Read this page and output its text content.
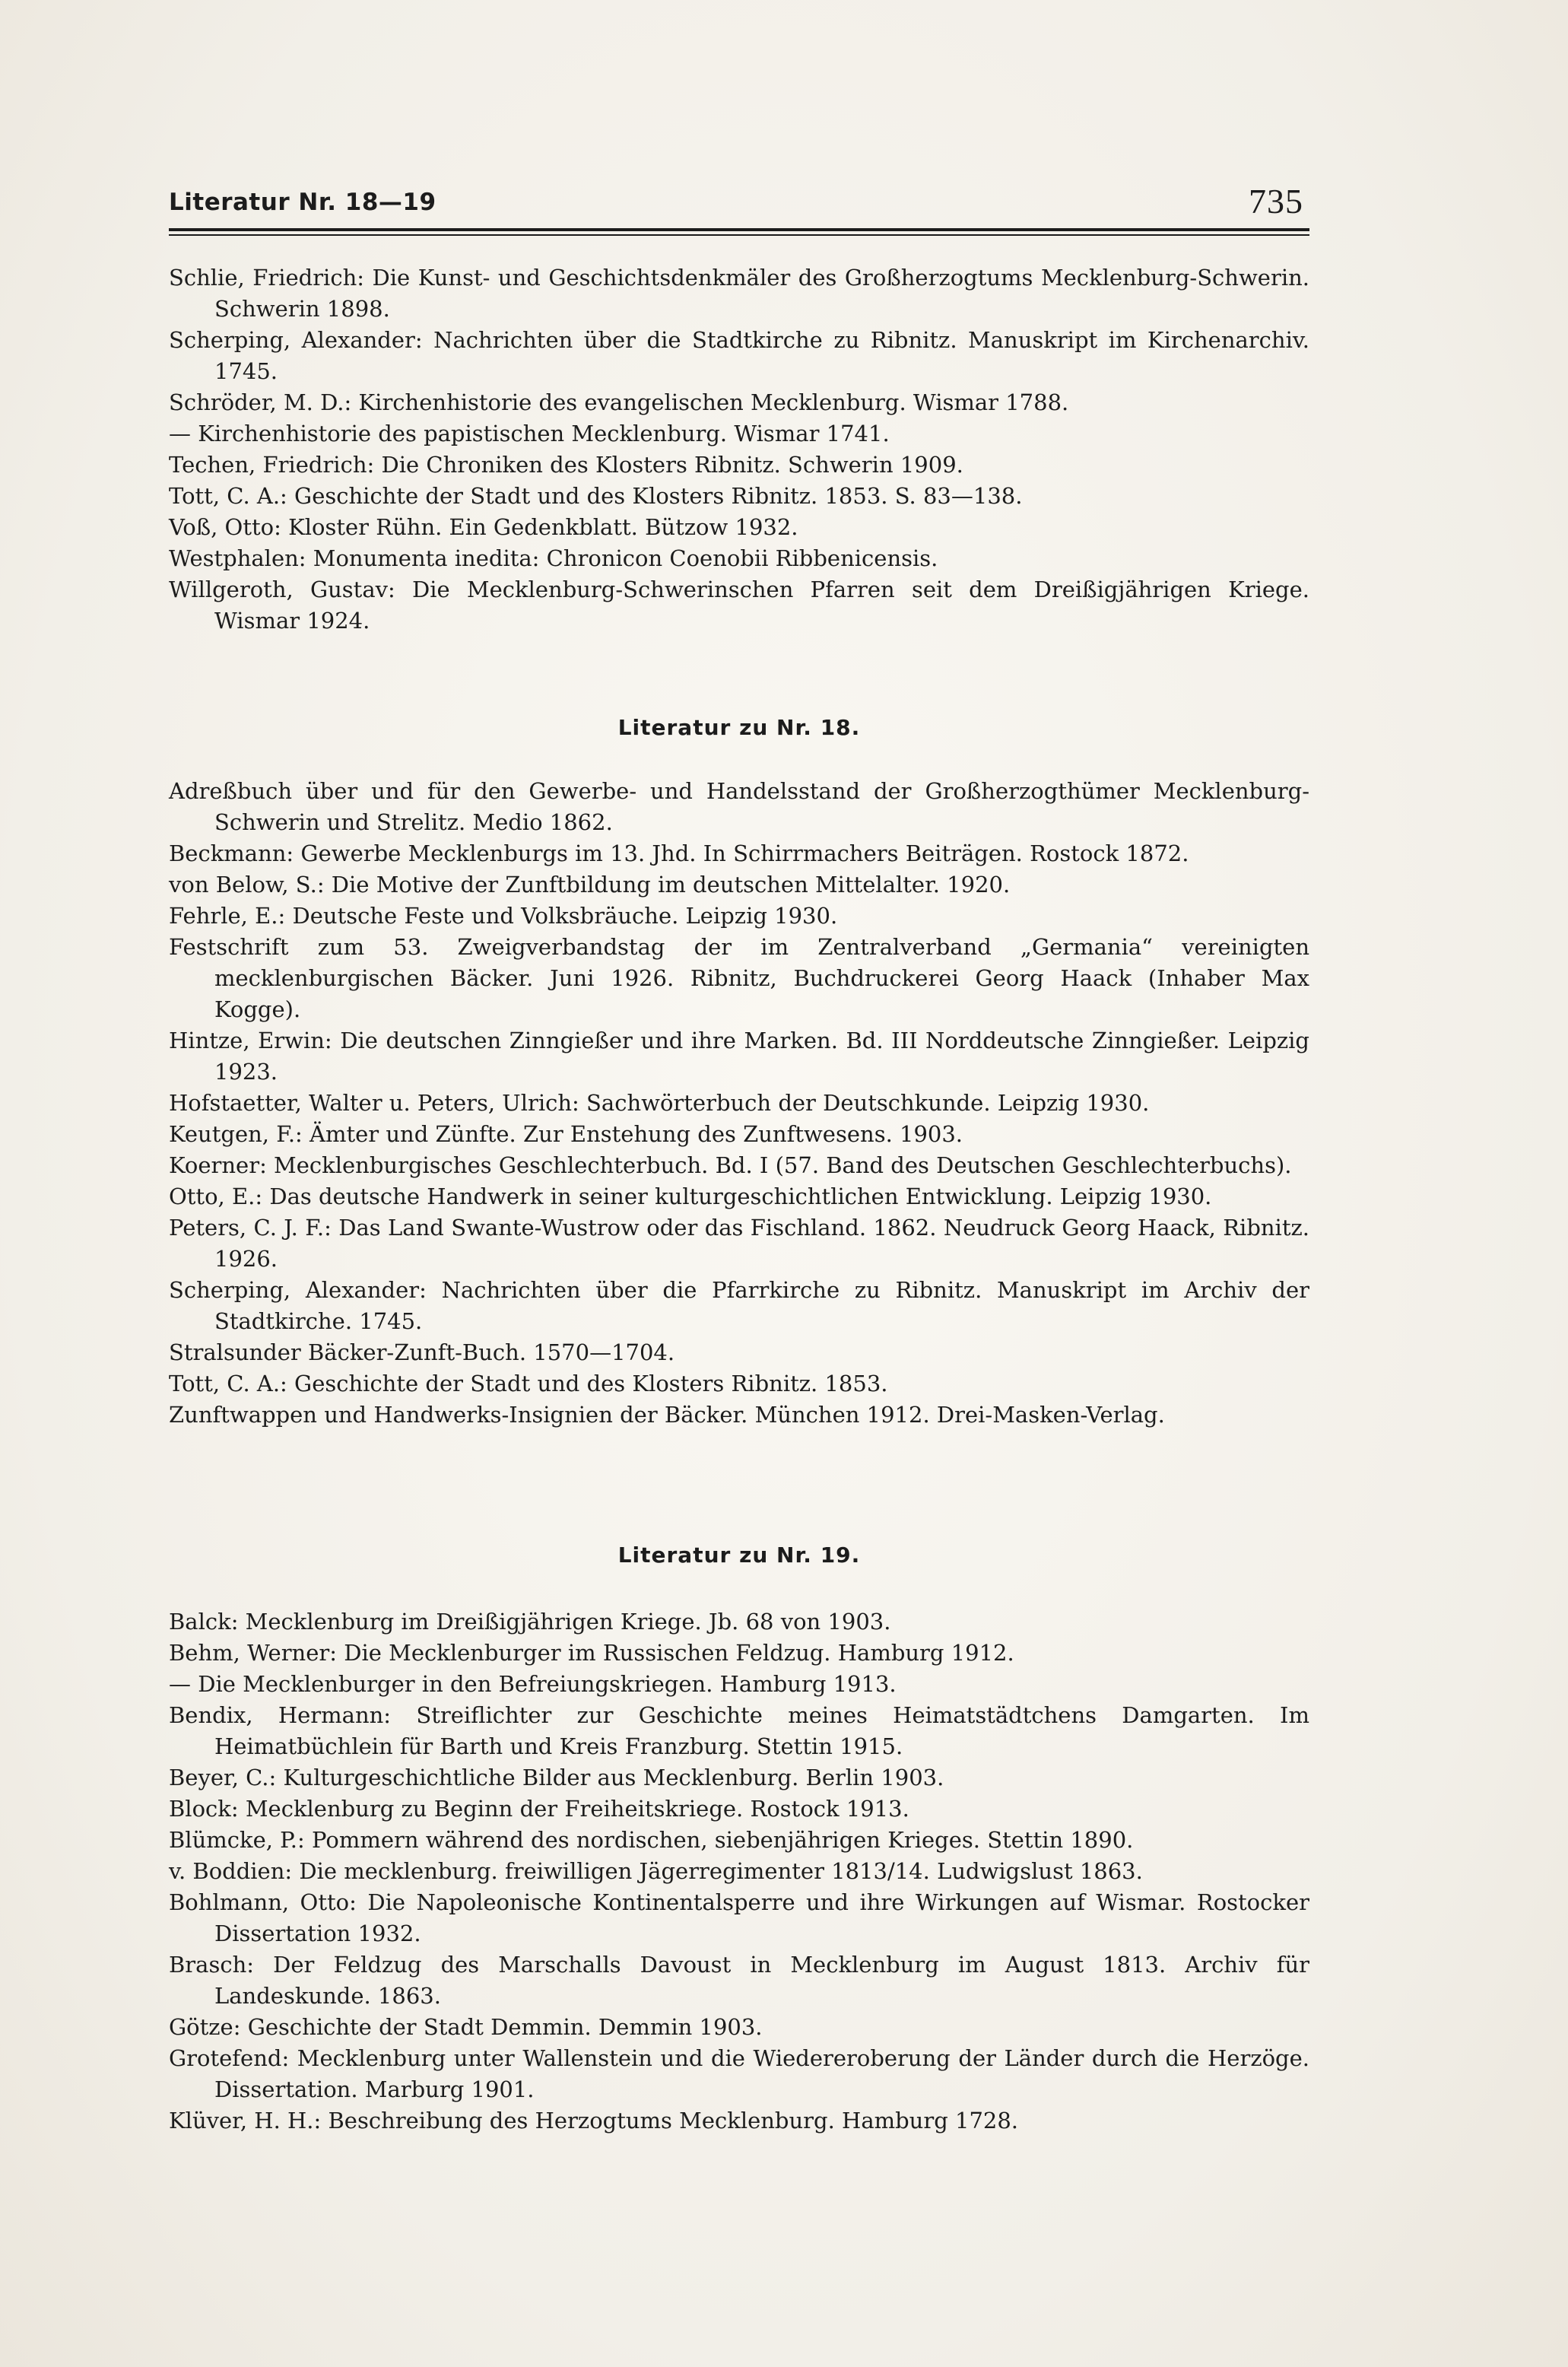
Literatur Nr. 18—19	735

Schlie, Friedrich: Die Kunst- und Geschichtsdenkmäler des Großherzogtums Mecklenburg-Schwerin. Schwerin 1898.

Scherping, Alexander: Nachrichten über die Stadtkirche zu Ribnitz. Manuskript im Kirchenarchiv. 1745.

Schröder, M. D.: Kirchenhistorie des evangelischen Mecklenburg. Wismar 1788.

— Kirchenhistorie des papistischen Mecklenburg. Wismar 1741.

Techen, Friedrich: Die Chroniken des Klosters Ribnitz. Schwerin 1909.

Tott, C. A.: Geschichte der Stadt und des Klosters Ribnitz. 1853. S. 83—138.

Voß, Otto: Kloster Rühn. Ein Gedenkblatt. Bützow 1932.

Westphalen: Monumenta inedita: Chronicon Coenobii Ribbenicensis.

Willgeroth, Gustav: Die Mecklenburg-Schwerinschen Pfarren seit dem Dreißigjährigen Kriege. Wismar 1924.

Literatur zu Nr. 18.

Adreßbuch über und für den Gewerbe- und Handelsstand der Großherzogthümer Mecklenburg-Schwerin und Strelitz. Medio 1862.

Beckmann: Gewerbe Mecklenburgs im 13. Jhd. In Schirrmachers Beiträgen. Rostock 1872.

von Below, S.: Die Motive der Zunftbildung im deutschen Mittelalter. 1920.

Fehrle, E.: Deutsche Feste und Volksbräuche. Leipzig 1930.

Festschrift zum 53. Zweigverbandstag der im Zentralverband „Germania“ vereinigten mecklenburgischen Bäcker. Juni 1926. Ribnitz, Buchdruckerei Georg Haack (Inhaber Max Kogge).

Hintze, Erwin: Die deutschen Zinngießer und ihre Marken. Bd. III Norddeutsche Zinngießer. Leipzig 1923.

Hofstaetter, Walter u. Peters, Ulrich: Sachwörterbuch der Deutschkunde. Leipzig 1930.

Keutgen, F.: Ämter und Zünfte. Zur Enstehung des Zunftwesens. 1903.

Koerner: Mecklenburgisches Geschlechterbuch. Bd. I (57. Band des Deutschen Geschlechterbuchs).

Otto, E.: Das deutsche Handwerk in seiner kulturgeschichtlichen Entwicklung. Leipzig 1930.

Peters, C. J. F.: Das Land Swante-Wustrow oder das Fischland. 1862. Neudruck Georg Haack, Ribnitz. 1926.

Scherping, Alexander: Nachrichten über die Pfarrkirche zu Ribnitz. Manuskript im Archiv der Stadtkirche. 1745.

Stralsunder Bäcker-Zunft-Buch. 1570—1704.

Tott, C. A.: Geschichte der Stadt und des Klosters Ribnitz. 1853.

Zunftwappen und Handwerks-Insignien der Bäcker. München 1912. Drei-Masken-Verlag.

Literatur zu Nr. 19.

Balck: Mecklenburg im Dreißigjährigen Kriege. Jb. 68 von 1903.

Behm, Werner: Die Mecklenburger im Russischen Feldzug. Hamburg 1912.

— Die Mecklenburger in den Befreiungskriegen. Hamburg 1913.

Bendix, Hermann: Streiflichter zur Geschichte meines Heimatstädtchens Damgarten. Im Heimatbüchlein für Barth und Kreis Franzburg. Stettin 1915.

Beyer, C.: Kulturgeschichtliche Bilder aus Mecklenburg. Berlin 1903.

Block: Mecklenburg zu Beginn der Freiheitskriege. Rostock 1913.

Blümcke, P.: Pommern während des nordischen, siebenjährigen Krieges. Stettin 1890.

v. Boddien: Die mecklenburg. freiwilligen Jägerregimenter 1813/14. Ludwigslust 1863.

Bohlmann, Otto: Die Napoleonische Kontinentalsperre und ihre Wirkungen auf Wismar. Rostocker Dissertation 1932.

Brasch: Der Feldzug des Marschalls Davoust in Mecklenburg im August 1813. Archiv für Landeskunde. 1863.

Götze: Geschichte der Stadt Demmin. Demmin 1903.

Grotefend: Mecklenburg unter Wallenstein und die Wiedereroberung der Länder durch die Herzöge. Dissertation. Marburg 1901.

Klüver, H. H.: Beschreibung des Herzogtums Mecklenburg. Hamburg 1728.
